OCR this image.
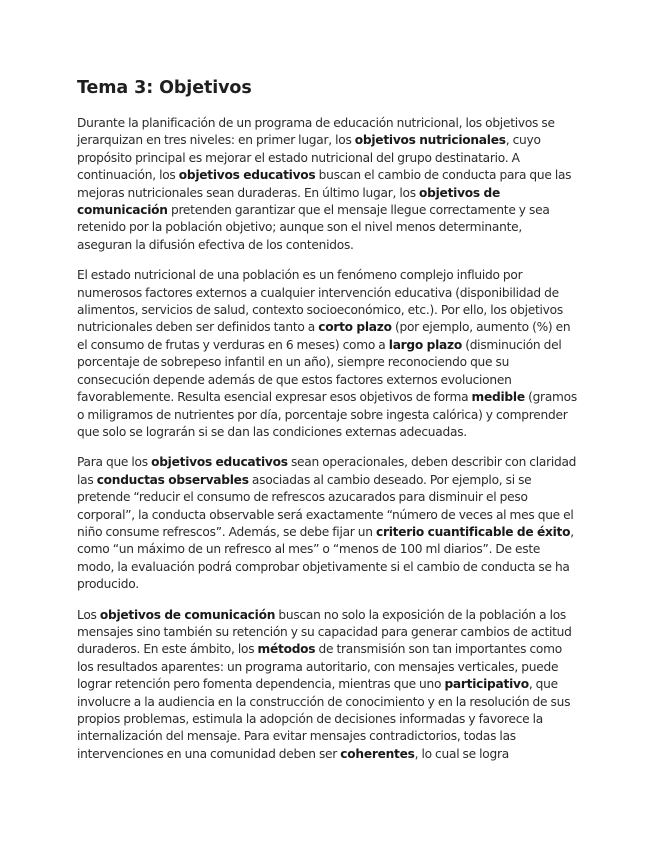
Tema 3: Objetivos

Durante la planificación de un programa de educación nutricional, los objetivos se jerarquizan en tres niveles: en primer lugar, los objetivos nutricionales, cuyo propósito principal es mejorar el estado nutricional del grupo destinatario. A continuación, los objetivos educativos buscan el cambio de conducta para que las mejoras nutricionales sean duraderas. En último lugar, los objetivos de comunicación pretenden garantizar que el mensaje llegue correctamente y sea retenido por la población objetivo; aunque son el nivel menos determinante, aseguran la difusión efectiva de los contenidos.

El estado nutricional de una población es un fenómeno complejo influido por numerosos factores externos a cualquier intervención educativa (disponibilidad de alimentos, servicios de salud, contexto socioeconómico, etc.). Por ello, los objetivos nutricionales deben ser definidos tanto a corto plazo (por ejemplo, aumento (%) en el consumo de frutas y verduras en 6 meses) como a largo plazo (disminución del porcentaje de sobrepeso infantil en un año), siempre reconociendo que su consecución depende además de que estos factores externos evolucionen favorablemente. Resulta esencial expresar esos objetivos de forma medible (gramos o miligramos de nutrientes por día, porcentaje sobre ingesta calórica) y comprender que solo se lograrán si se dan las condiciones externas adecuadas.

Para que los objetivos educativos sean operacionales, deben describir con claridad las conductas observables asociadas al cambio deseado. Por ejemplo, si se pretende “reducir el consumo de refrescos azucarados para disminuir el peso corporal”, la conducta observable será exactamente “número de veces al mes que el niño consume refrescos”. Además, se debe fijar un criterio cuantificable de éxito, como “un máximo de un refresco al mes” o “menos de 100 ml diarios”. De este modo, la evaluación podrá comprobar objetivamente si el cambio de conducta se ha producido.

Los objetivos de comunicación buscan no solo la exposición de la población a los mensajes sino también su retención y su capacidad para generar cambios de actitud duraderos. En este ámbito, los métodos de transmisión son tan importantes como los resultados aparentes: un programa autoritario, con mensajes verticales, puede lograr retención pero fomenta dependencia, mientras que uno participativo, que involucre a la audiencia en la construcción de conocimiento y en la resolución de sus propios problemas, estimula la adopción de decisiones informadas y favorece la internalización del mensaje. Para evitar mensajes contradictorios, todas las intervenciones en una comunidad deben ser coherentes, lo cual se logra
